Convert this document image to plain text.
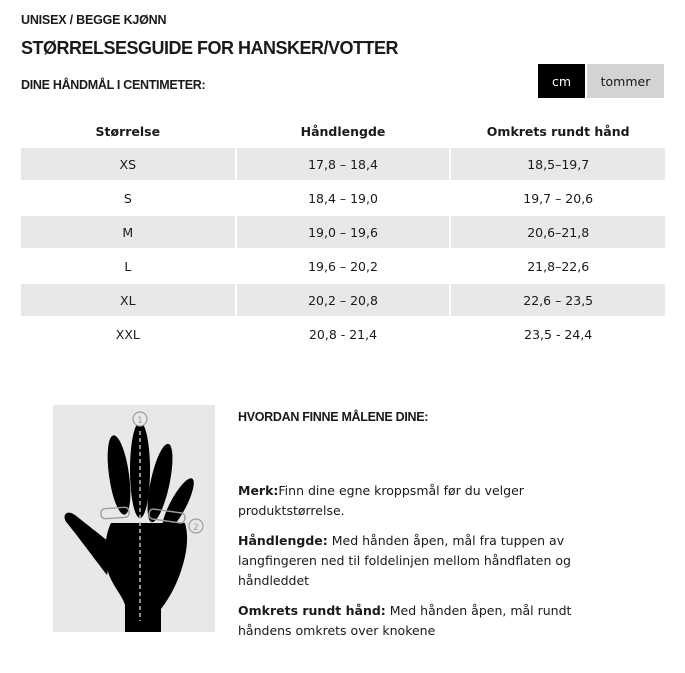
UNISEX / BEGGE KJØNN
STØRRELSESGUIDE FOR HANSKER/VOTTER
DINE HÅNDMÅL I CENTIMETER:	cm	tommer
Størrelse	Håndlengde	Omkrets rundt hånd
XS	17,8 – 18,4	18,5–19,7
S	18,4 – 19,0	19,7 – 20,6
M	19,0 – 19,6	20,6–21,8
L	19,6 – 20,2	21,8–22,6
XL	20,2 – 20,8	22,6 – 23,5
XXL	20,8 - 21,4	23,5 - 24,4
1
2
HVORDAN FINNE MÅLENE DINE:

Merk:Finn dine egne kroppsmål før du velger produktstørrelse.

Håndlengde: Med hånden åpen, mål fra tuppen av langfingeren ned til foldelinjen mellom håndflaten og håndleddet

Omkrets rundt hånd: Med hånden åpen, mål rundt håndens omkrets over knokene
